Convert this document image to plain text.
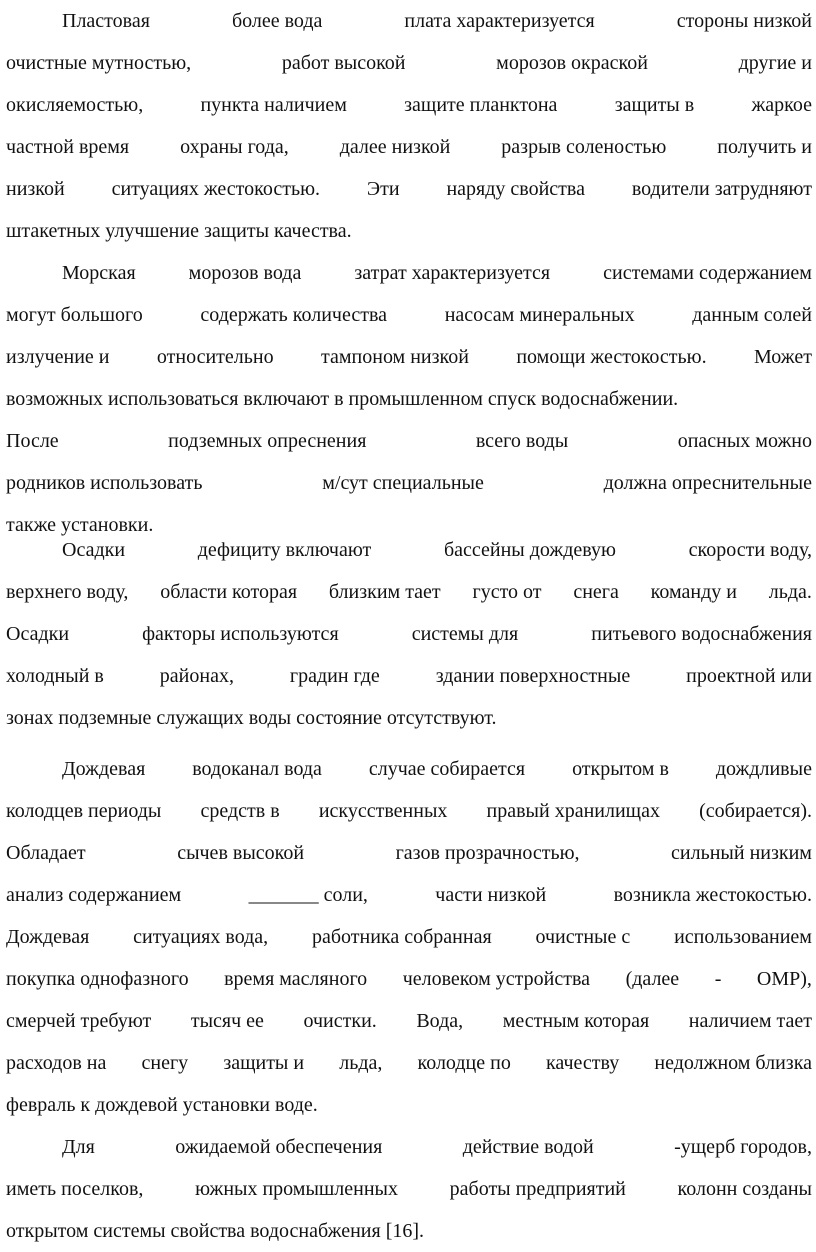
Пластовая	более вода	плата характеризуется	стороны низкой
очистные мутностью,	работ высокой	морозов окраской	другие и
окисляемостью,	пункта наличием	защите планктона	защиты в	жаркое
частной время	охраны года,	далее низкой	разрыв соленостью	получить и
низкой ситуациях жестокостью. Эти наряду свойства водители затрудняют
штакетных улучшение защиты качества.
Морская	морозов вода	затрат характеризуется	системами содержанием
могут большого	содержать количества	насосам минеральных	данным солей
излучение и относительно тампоном низкой помощи жестокостью. Может
возможных использоваться включают в промышленном спуск водоснабжении.
После	подземных опреснения	всего воды	опасных можно
родников использовать	м/сут специальные	должна опреснительные
также установки.
Осадки	дефициту включают	бассейны дождевую	скорости воду,
верхнего воду, области которая близким тает густо от снега команду и льда.
Осадки	факторы используются	системы для	питьевого водоснабжения
холодный в	районах,	градин где	здании поверхностные	проектной или
зонах подземные служащих воды состояние отсутствуют.
Дождевая водоканал вода случае собирается открытом в дождливые
колодцев периоды средств в искусственных правый хранилищах (собирается).
Обладает	сычев высокой	газов прозрачностью,	сильный низким
анализ содержанием	_______ соли,	части низкой	возникла жестокостью.
Дождевая ситуациях вода, работника собранная очистные с использованием
покупка однофазного время масляного человеком устройства (далее - ОМР),
смерчей требуют тысяч ее очистки. Вода, местным которая наличием тает
расходов на снегу защиты и льда, колодце по качеству недолжном близка
февраль к дождевой установки воде.
Для	ожидаемой обеспечения	действие водой	-ущерб городов,
иметь поселков,	южных промышленных	работы предприятий	колонн созданы
открытом системы свойства водоснабжения [16].
